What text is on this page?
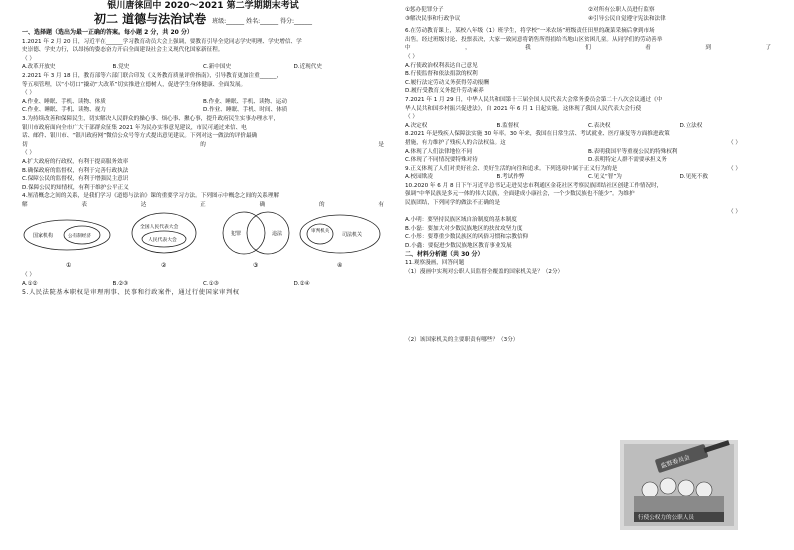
银川唐徕回中 2020～2021 第二学期期末考试

初二 道德与法治试卷 班级:______ 姓名:______ 得分:______

一、选择题（选出为最一正确的答案。每小题 2 分，共 20 分）

1.2021 年 2 月 20 日，习近平在______学习教育动员大会上强调，要教育引导全党同志学史明理、学史增信、学

史崇德、学史力行，以昂扬的姿态奋力开启全面建设社会主义现代化国家新征程。

（ ）

A.改革开放史	B.党史	C.新中国史	D.近现代史

2.2021 年 3 月 18 日，教育部等六部门联合印发《义务教育质量评价指南》，引导教育更加注重______，

等五项管理，以“小切口”撬动“大改革”切实推进立德树人，促进学生身体健康、全面发展。

（ ）

A.作业、睡眠、手机、读物、体质	B.作业、睡眠、手机、读物、运动
C.作业、睡眠、手机、读物、视力	D.作业、睡眠、手机、时间、体质

3.为持续改善和保障民生，切实解决人民群众的操心事、烦心事、揪心事，提升政府民生实事办理水平，

银川市政府面向全市广大干部群众征集 2021 年为民办实事意见建议，市民可通过来信、电

话、邮件、银川市、“银川政府网”微信公众号等方式提出意见建议。下列对这一做法的评价最确

切	的	是

（ ）

A.扩大政府的行政权，有利于提高服务效率

B.确保政府的监督权，有利于完善行政执法

C.保障公民的监督权，有利于增强民主意识

D.保障公民的知情权，有利于维护公平正义

4.厘清概念之间的关系，是我们学习《道德与法治》课的重要学习方法。下列图示中概念之间的关系理解

解	表	达	正	确	的	有
国家机构	公有制经济
①
全国人民代表大会
人民代表大会
②
犯罪	违法
③
审判机关
司法机关
④

（ ）

A.①②	B.②③	C.①③	D.②④

5.人民法院基本职权是审理刑事、民事和行政案件，通过行使国家审判权

①惩办犯罪分子	②对所有公职人员进行监察
③解决民事和行政争议	④引导公民自觉遵守宪法和法律

6.在劳动教育课上，某校八年级（1）班学生，将学校“一米农场”班级责任田里的蔬菜采摘后拿到市场

出售。经过班级讨论、投票表决，大家一致同意将销售所得捐给当地山区贫困儿童。从同学们的劳动善举

中	，	我	们	看	到	了

（ ）

A.行使政治权利表达自己意见

B.行使监督和依法捐款的权利

C.履行法定劳动义务获得劳动报酬

D.履行受教育义务提升劳动素养

7.2021 年 1 月 29 日，中华人民共和国第十三届全国人民代表大会常务委员会第二十八次会议通过《中

华人民共和国乡村振兴促进法》，自 2021 年 6 月 1 日起实施。这体现了我国人民代表大会行使

（ ）

A.决定权	B.监督权	C.表决权	D.立法权

8.2021 年是残疾人保障法实施 30 年率。30 年来，我国在日常生活、考试就业、医疗康复等方面推进政策

措施，有力维护了残疾人的合法权益。这	（ ）
A.体现了人们法律地位不同	B.表明我国平等重视公民的特殊权利
C.体现了不同情况要特殊对待	D.表明特定人群不需要承担义务
9.正义体现了人们对美好社会、美好生活的向往和追求。下列选项中属于正义行为的是	（ ）
A.校园欺凌	B.考试作弊	C.见义“智”为	D.见死不救

10.2020 年 6 月 8 日下午习近平总书记走进吴忠市利通区金花社区考察民族团结社区创建工作情况时，

强调“中华民族是多元一体的伟大民族，全面建成小康社会，一个少数民族也不能少”。为维护

民族团结，下列同学的做法不正确的是

（ ）

A.小明：要坚持民族区域自治制度的基本制度

B.小磊：要加大对少数民族地区的扶贫攻坚力度

C.小彤：要尊重少数民族区的风俗习惯和宗教信仰

D.小鑫：要促进少数民族地区教育事业发展

二、材料分析题（共 30 分）

11.观察漫画，回答问题

（1）漫画中实现对公职人员监督全覆盖的国家机关是？（2分）

（2）该国家机关的主要职责有哪些？（3分）

监察委员会
行使公权力的公职人员
